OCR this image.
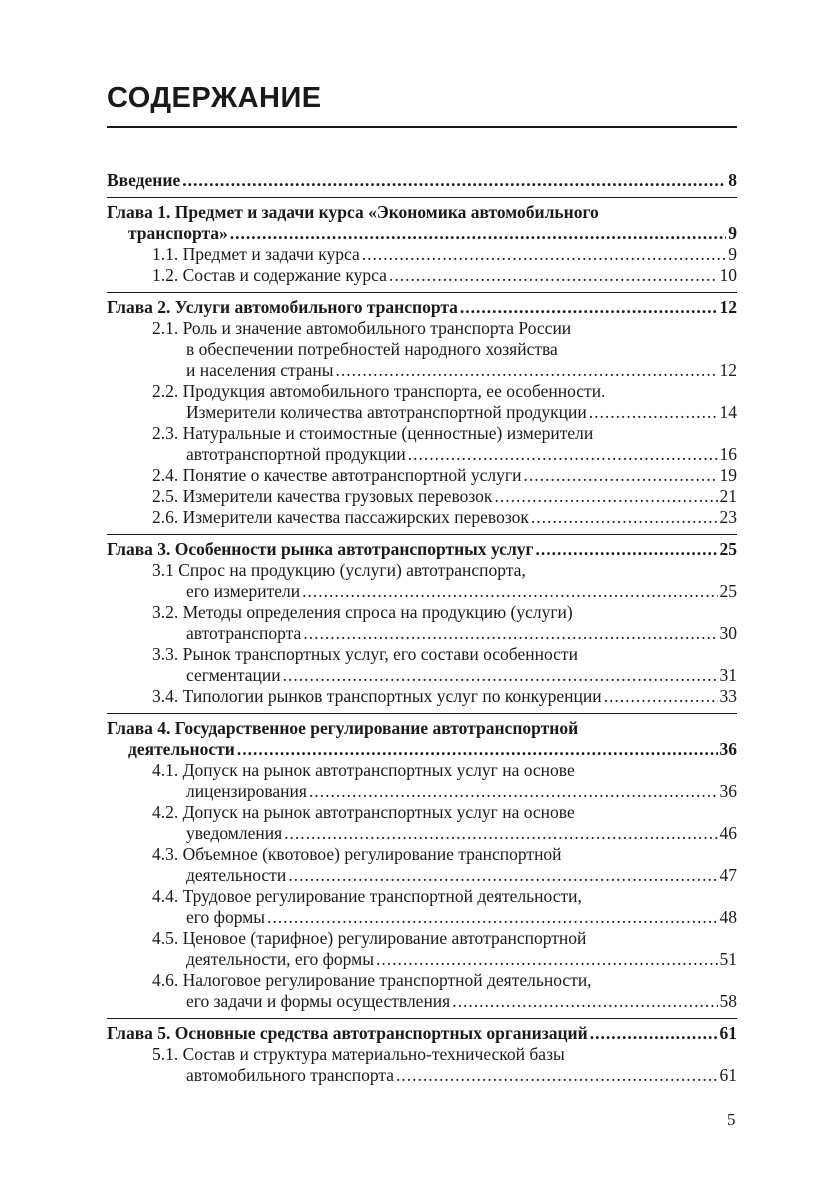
СОДЕРЖАНИЕ
Введение .....	8
Глава 1. Предмет и задачи курса «Экономика автомобильного
транспорта» .....	9
1.1. Предмет и задачи курса .....	9
1.2. Состав и содержание курса .....	10
Глава 2. Услуги автомобильного транспорта .....	12
2.1. Роль и значение автомобильного транспорта России
в обеспечении потребностей народного хозяйства
и населения страны .....	12
2.2. Продукция автомобильного транспорта, ее особенности.
Измерители количества автотранспортной продукции .....	14
2.3. Натуральные и стоимостные (ценностные) измерители
автотранспортной продукции .....	16
2.4. Понятие о качестве автотранспортной услуги .....	19
2.5. Измерители качества грузовых перевозок .....	21
2.6. Измерители качества пассажирских перевозок .....	23
Глава 3. Особенности рынка автотранспортных услуг .....	25
3.1 Спрос на продукцию (услуги) автотранспорта,
его измерители .....	25
3.2. Методы определения спроса на продукцию (услуги)
автотранспорта .....	30
3.3. Рынок транспортных услуг, его состави особенности
сегментации .....	31
3.4. Типологии рынков транспортных услуг по конкуренции .....	33
Глава 4. Государственное регулирование автотранспортной
деятельности .....	36
4.1. Допуск на рынок автотранспортных услуг на основе
лицензирования .....	36
4.2. Допуск на рынок автотранспортных услуг на основе
уведомления .....	46
4.3. Объемное (квотовое) регулирование транспортной
деятельности .....	47
4.4. Трудовое регулирование транспортной деятельности,
его формы .....	48
4.5. Ценовое (тарифное) регулирование автотранспортной
деятельности, его формы .....	51
4.6. Налоговое регулирование транспортной деятельности,
его задачи и формы осуществления .....	58
Глава 5. Основные средства автотранспортных организаций .....	61
5.1. Состав и структура материально-технической базы
автомобильного транспорта .....	61
5
